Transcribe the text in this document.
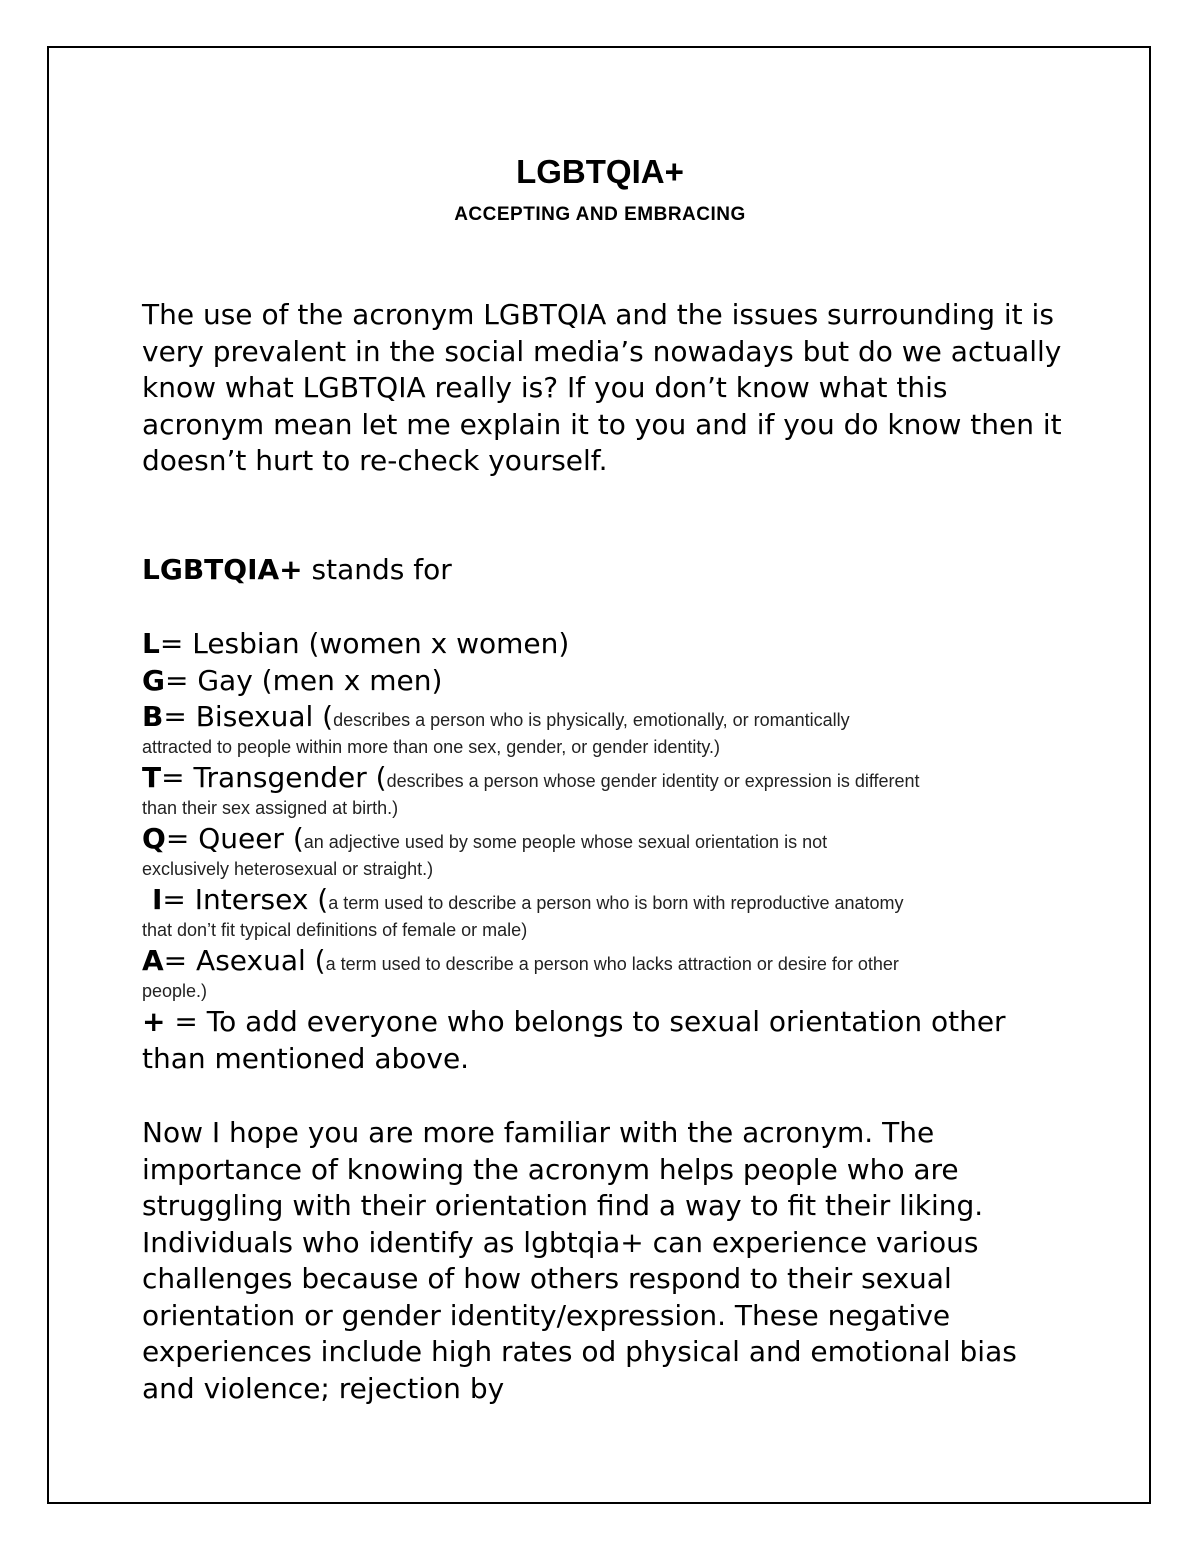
LGBTQIA+
ACCEPTING AND EMBRACING

The use of the acronym LGBTQIA and the issues surrounding it is very prevalent in the social media’s nowadays but do we actually know what LGBTQIA really is? If you don’t know what this acronym mean let me explain it to you and if you do know then it doesn’t hurt to re-check yourself.

LGBTQIA+ stands for

L= Lesbian (women x women)
G= Gay (men x men)
B= Bisexual (describes a person who is physically, emotionally, or romantically
attracted to people within more than one sex, gender, or gender identity.)
T= Transgender (describes a person whose gender identity or expression is different
than their sex assigned at birth.)
Q= Queer (an adjective used by some people whose sexual orientation is not
exclusively heterosexual or straight.)
I= Intersex (a term used to describe a person who is born with reproductive anatomy
that don’t fit typical definitions of female or male)
A= Asexual (a term used to describe a person who lacks attraction or desire for other
people.)
+ = To add everyone who belongs to sexual orientation other than mentioned above.

Now I hope you are more familiar with the acronym. The importance of knowing the acronym helps people who are struggling with their orientation find a way to fit their liking. Individuals who identify as lgbtqia+ can experience various challenges because of how others respond to their sexual orientation or gender identity/expression. These negative experiences include high rates od physical and emotional bias and violence; rejection by
